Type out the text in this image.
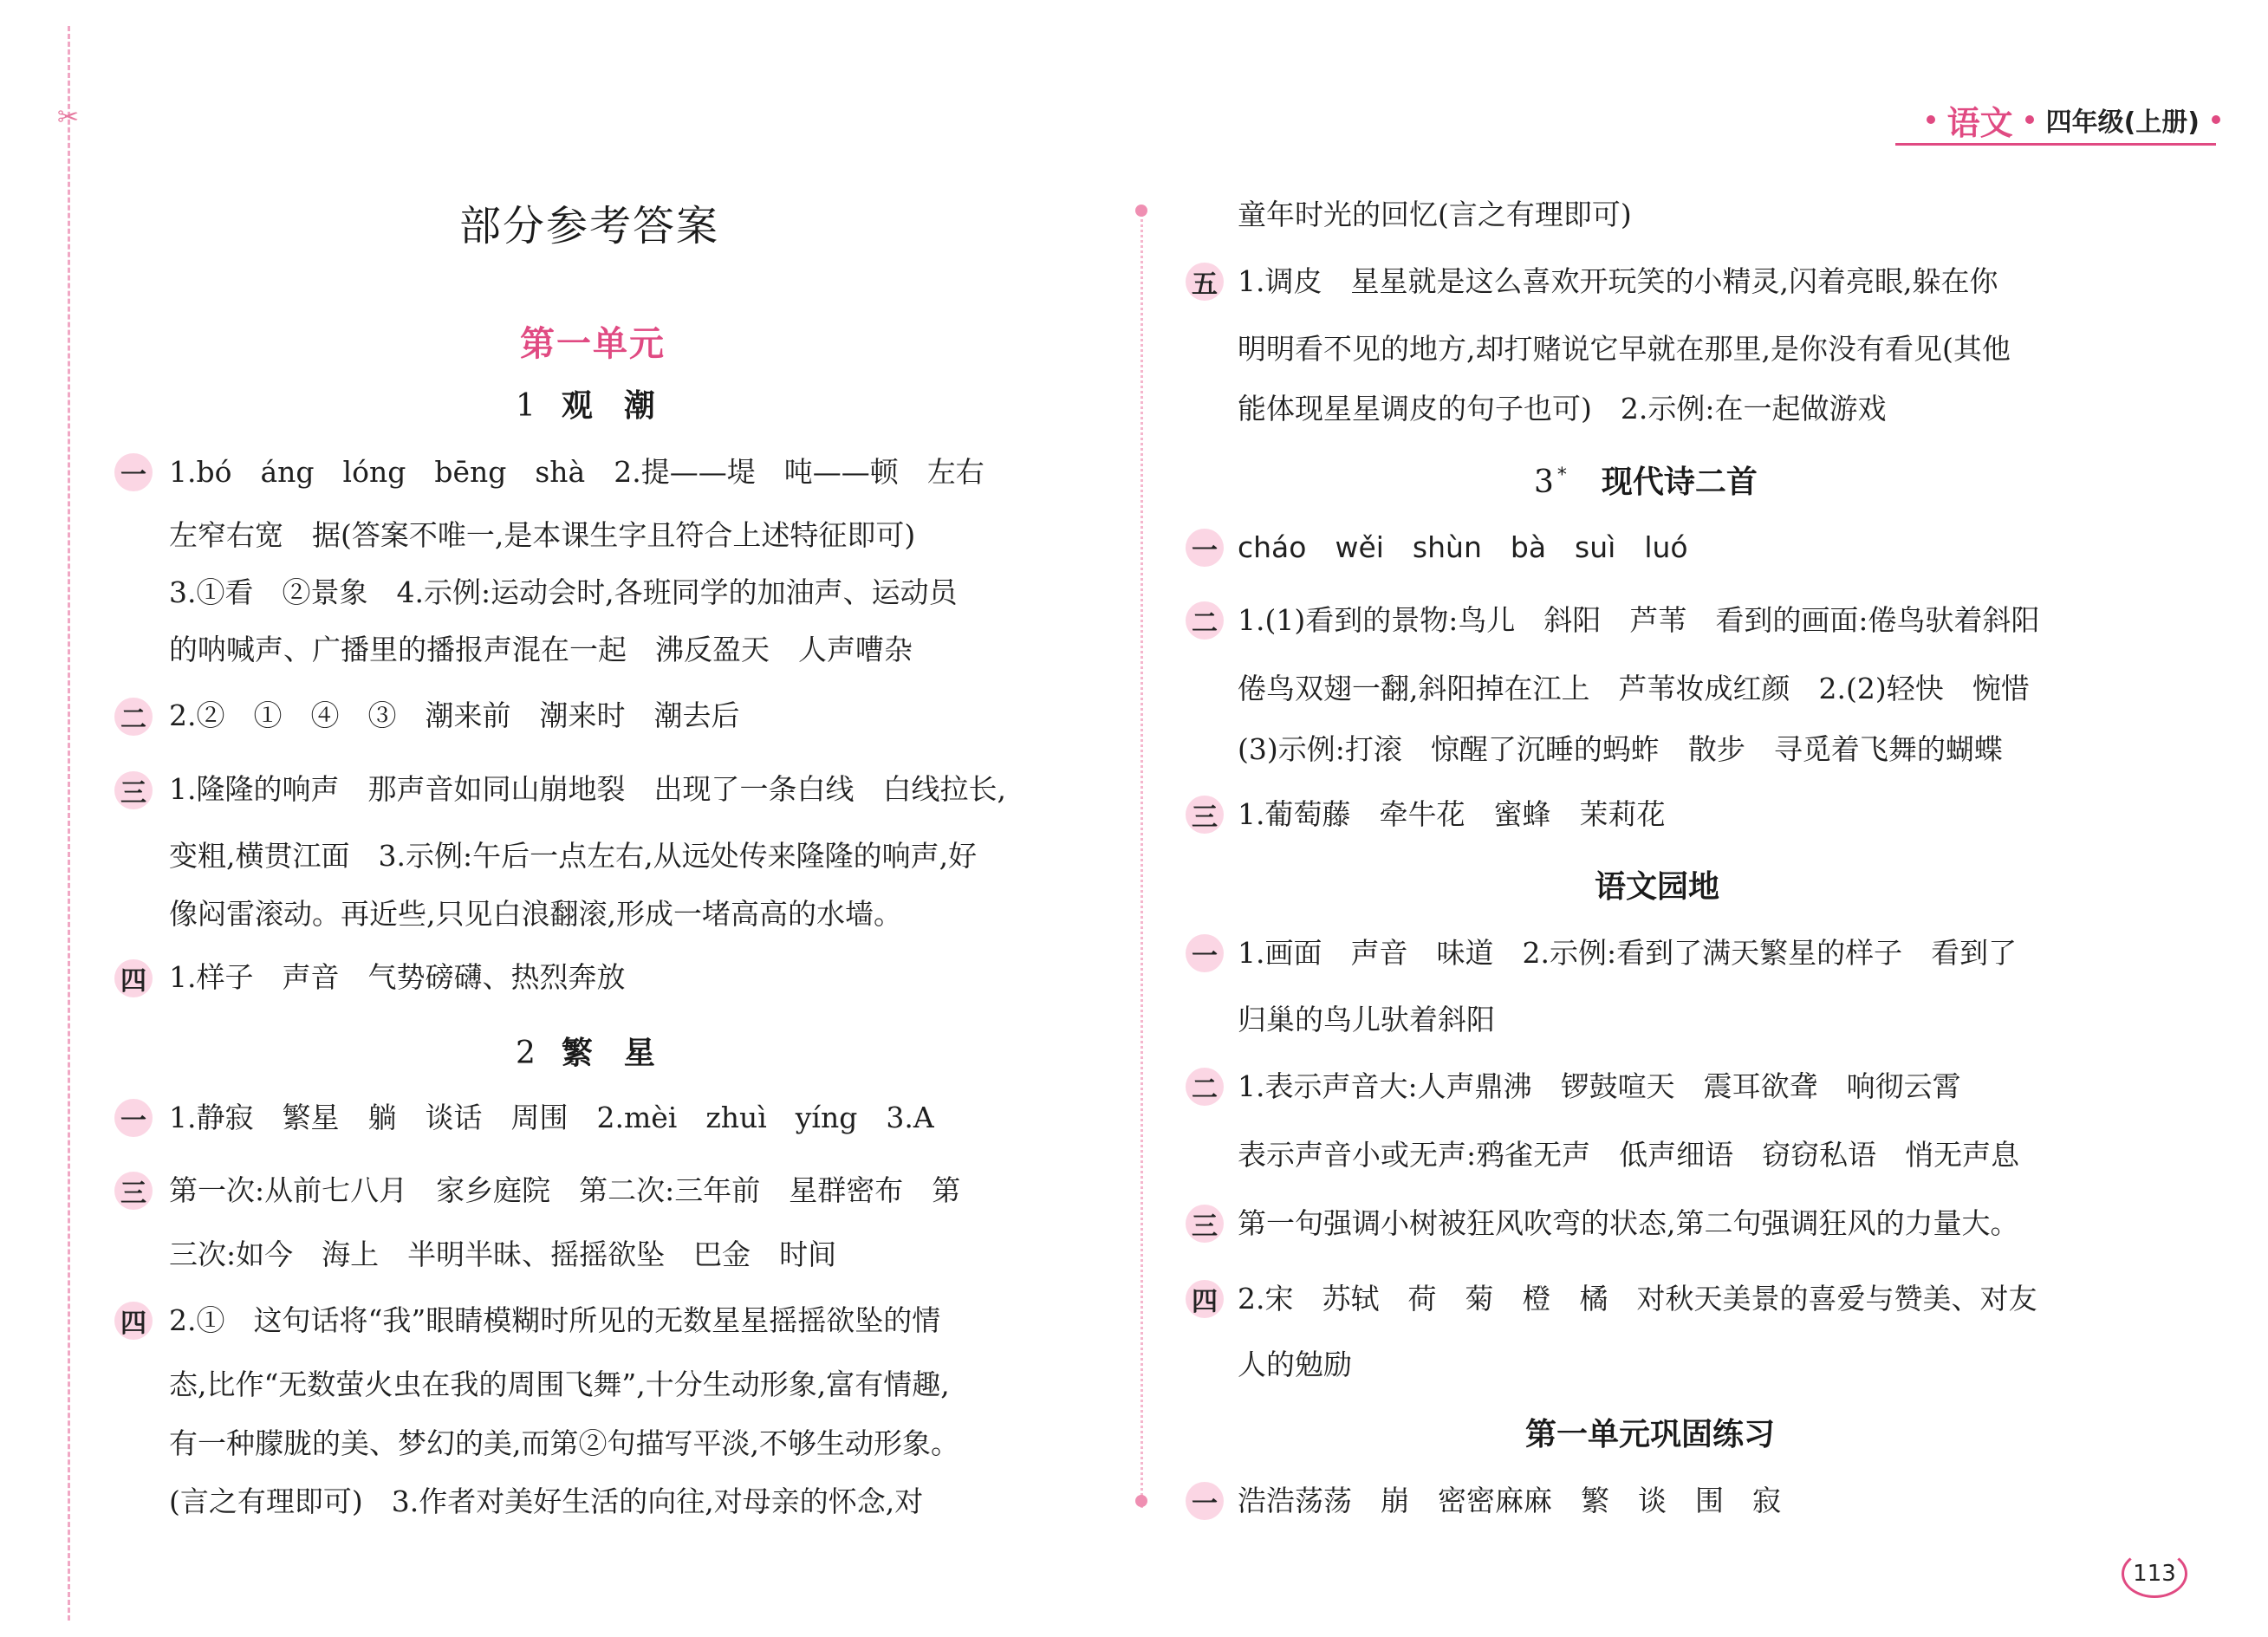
✂	语文 四年级(上册)
部分参考答案
第一单元
1 观　潮
一 1.bó　áng　lóng　bēng　shà　2.提——堤　吨——顿　左右
左窄右宽　据(答案不唯一,是本课生字且符合上述特征即可)
3.①看　②景象　4.示例:运动会时,各班同学的加油声、运动员
的呐喊声、广播里的播报声混在一起　沸反盈天　人声嘈杂
二 2.②　①　④　③　潮来前　潮来时　潮去后
三 1.隆隆的响声　那声音如同山崩地裂　出现了一条白线　白线拉长,
变粗,横贯江面　3.示例:午后一点左右,从远处传来隆隆的响声,好
像闷雷滚动。再近些,只见白浪翻滚,形成一堵高高的水墙。
四 1.样子　声音　气势磅礴、热烈奔放
2 繁　星
一 1.静寂　繁星　躺　谈话　周围　2.mèi　zhuì　yíng　3.A
三 第一次:从前七八月　家乡庭院　第二次:三年前　星群密布　第
三次:如今　海上　半明半昧、摇摇欲坠　巴金　时间
四 2.①　这句话将“我”眼睛模糊时所见的无数星星摇摇欲坠的情
态,比作“无数萤火虫在我的周围飞舞”,十分生动形象,富有情趣,
有一种朦胧的美、梦幻的美,而第②句描写平淡,不够生动形象。
(言之有理即可)　3.作者对美好生活的向往,对母亲的怀念,对
童年时光的回忆(言之有理即可)
五 1.调皮　星星就是这么喜欢开玩笑的小精灵,闪着亮眼,躲在你
明明看不见的地方,却打赌说它早就在那里,是你没有看见(其他
能体现星星调皮的句子也可)　2.示例:在一起做游戏
3 * 现代诗二首
一 cháo　wěi　shùn　bà　suì　luó
二 1.(1)看到的景物:鸟儿　斜阳　芦苇　看到的画面:倦鸟驮着斜阳
倦鸟双翅一翻,斜阳掉在江上　芦苇妆成红颜　2.(2)轻快　惋惜
(3)示例:打滚　惊醒了沉睡的蚂蚱　散步　寻觅着飞舞的蝴蝶
三 1.葡萄藤　牵牛花　蜜蜂　茉莉花
语文园地
一 1.画面　声音　味道　2.示例:看到了满天繁星的样子　看到了
归巢的鸟儿驮着斜阳
二 1.表示声音大:人声鼎沸　锣鼓喧天　震耳欲聋　响彻云霄
表示声音小或无声:鸦雀无声　低声细语　窃窃私语　悄无声息
三 第一句强调小树被狂风吹弯的状态,第二句强调狂风的力量大。
四 2.宋　苏轼　荷　菊　橙　橘　对秋天美景的喜爱与赞美、对友
人的勉励
第一单元巩固练习
一 浩浩荡荡　崩　密密麻麻　繁　谈　围　寂
113
